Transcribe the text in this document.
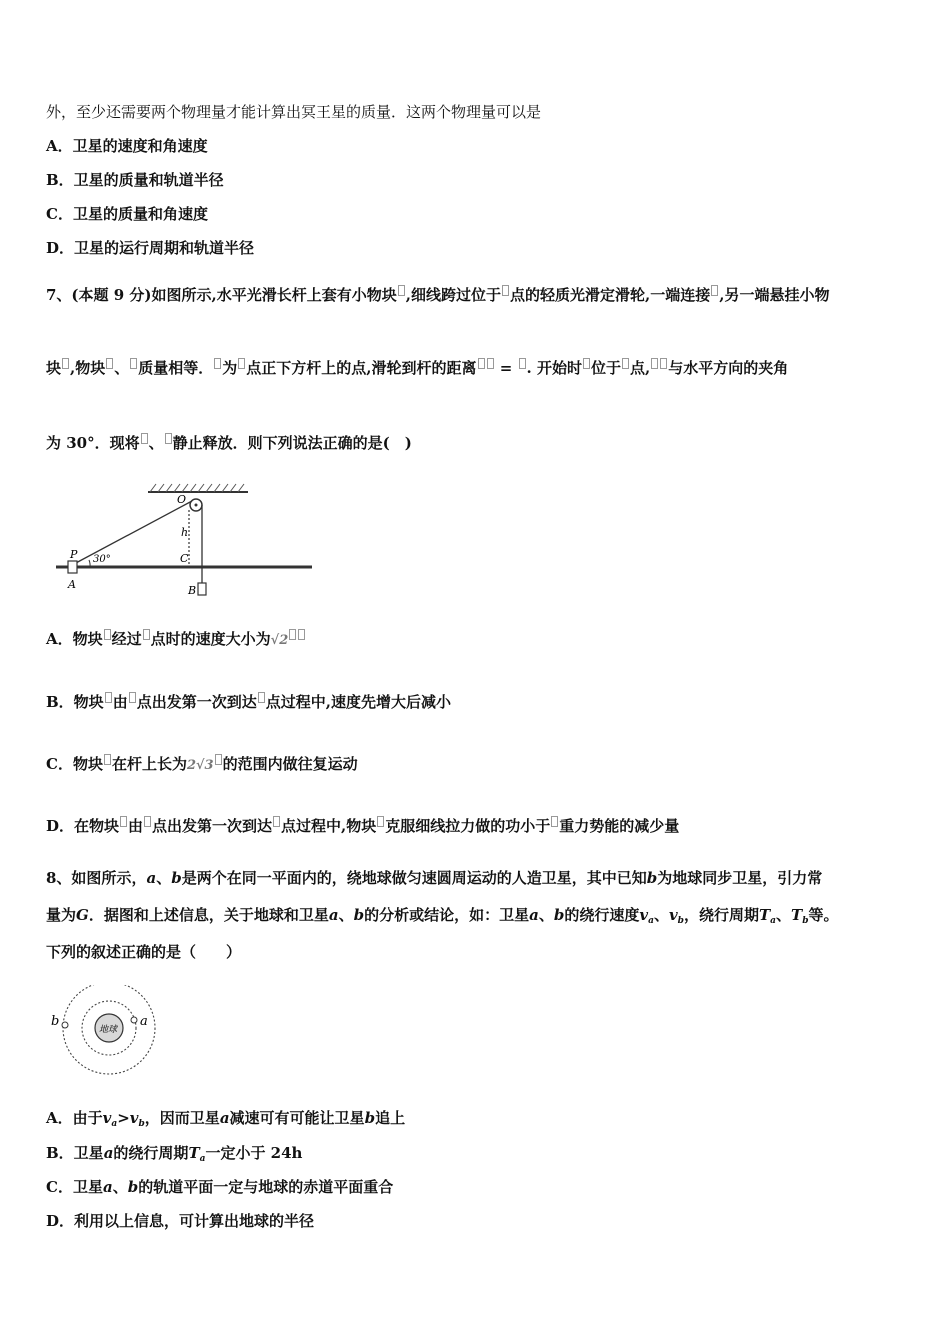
外，至少还需要两个物理量才能计算出冥王星的质量．这两个物理量可以是
A．卫星的速度和角速度
B．卫星的质量和轨道半径
C．卫星的质量和角速度
D．卫星的运行周期和轨道半径
7、(本题 9 分)如图所示,水平光滑长杆上套有小物块 ,细线跨过位于 点的轻质光滑定滑轮,一端连接 ,另一端悬挂小物
块 ,物块 、 质量相等． 为 点正下方杆上的点,滑轮到杆的距离 = . 开始时 位于 点, 与水平方向的夹角
为 30°．现将 、 静止释放．则下列说法正确的是(　)
O
h
P 30°	C
A	B
A．物块 经过 点时的速度大小为√2
B．物块 由 点出发第一次到达 点过程中,速度先增大后减小
C．物块 在杆上长为2√3 的范围内做往复运动
D．在物块 由 点出发第一次到达 点过程中,物块 克服细线拉力做的功小于 重力势能的减少量
8、如图所示，a、b是两个在同一平面内的，绕地球做匀速圆周运动的人造卫星，其中已知b为地球同步卫星，引力常
量为G．据图和上述信息，关于地球和卫星a、b的分析或结论，如：卫星a、b的绕行速度$v_a$、$v_b$，绕行周期$T_a$、$T_b$等。
下列的叙述正确的是（　　）
地球
a
b
A．由于$v_a>v_b$，因而卫星a减速可有可能让卫星b追上
B．卫星a的绕行周期$T_a$一定小于 24h
C．卫星a、b的轨道平面一定与地球的赤道平面重合
D．利用以上信息，可计算出地球的半径
